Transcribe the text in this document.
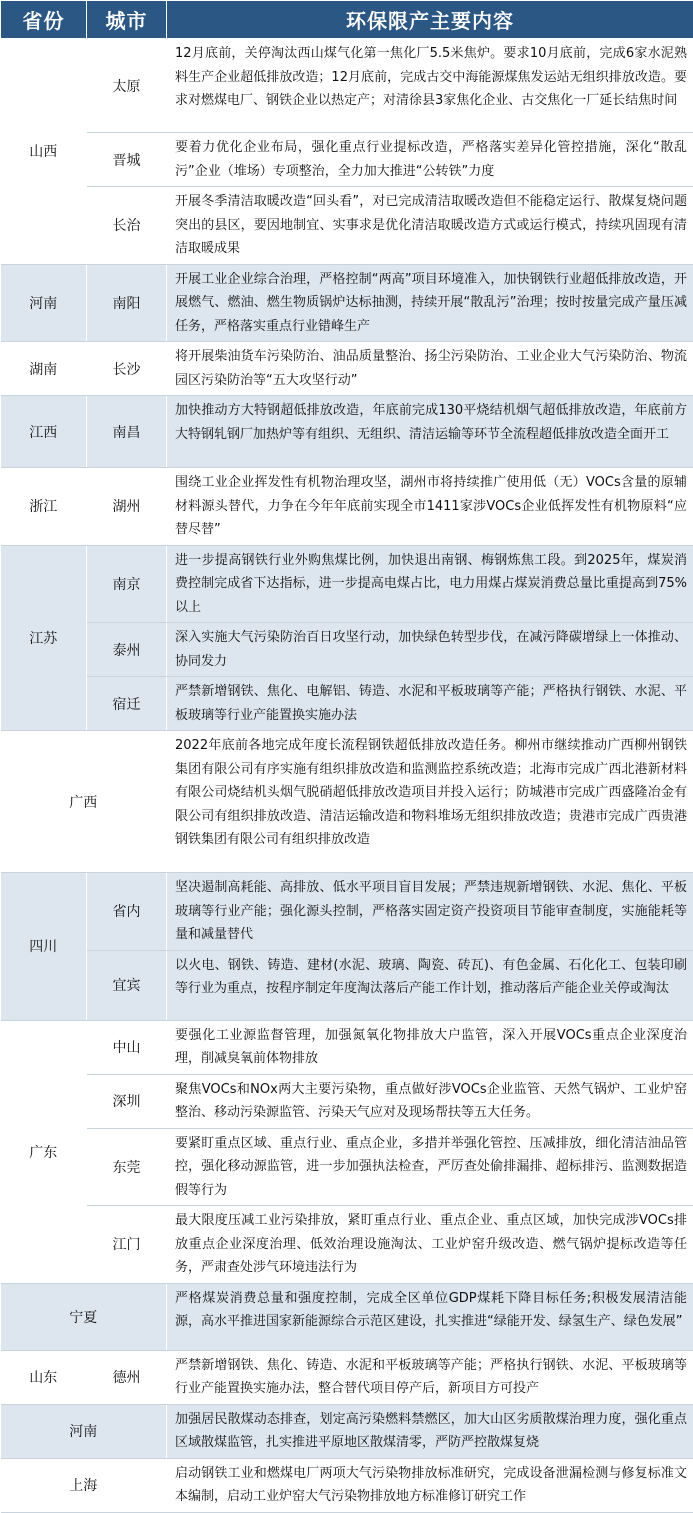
省份	城市	环保限产主要内容
山西	太原	12月底前，关停淘汰西山煤气化第一焦化厂5.5米焦炉。要求10月底前，完成6家水泥熟料生产企业超低排放改造；12月底前，完成古交中海能源煤焦发运站无组织排放改造。要求对燃煤电厂、钢铁企业以热定产；对清徐县3家焦化企业、古交焦化一厂延长结焦时间
	晋城	要着力优化企业布局，强化重点行业提标改造，严格落实差异化管控措施，深化“散乱污”企业（堆场）专项整治，全力加大推进“公转铁”力度
	长治	开展冬季清洁取暖改造“回头看”，对已完成清洁取暖改造但不能稳定运行、散煤复烧问题突出的县区，要因地制宜、实事求是优化清洁取暖改造方式或运行模式，持续巩固现有清洁取暖成果
河南	南阳	开展工业企业综合治理，严格控制“两高”项目环境准入，加快钢铁行业超低排放改造，开展燃气、燃油、燃生物质锅炉达标抽测，持续开展“散乱污”治理；按时按量完成产量压减任务，严格落实重点行业错峰生产
湖南	长沙	将开展柴油货车污染防治、油品质量整治、扬尘污染防治、工业企业大气污染防治、物流园区污染防治等“五大攻坚行动”
江西	南昌	加快推动方大特钢超低排放改造，年底前完成130平烧结机烟气超低排放改造，年底前方大特钢轧钢厂加热炉等有组织、无组织、清洁运输等环节全流程超低排放改造全面开工
浙江	湖州	围绕工业企业挥发性有机物治理攻坚，湖州市将持续推广使用低（无）VOCs含量的原辅材料源头替代，力争在今年年底前实现全市1411家涉VOCs企业低挥发性有机物原料“应替尽替”
江苏	南京	进一步提高钢铁行业外购焦煤比例，加快退出南钢、梅钢炼焦工段。到2025年，煤炭消费控制完成省下达指标，进一步提高电煤占比，电力用煤占煤炭消费总量比重提高到75%以上
	泰州	深入实施大气污染防治百日攻坚行动，加快绿色转型步伐，在减污降碳增绿上一体推动、协同发力
	宿迁	严禁新增钢铁、焦化、电解铝、铸造、水泥和平板玻璃等产能；严格执行钢铁、水泥、平板玻璃等行业产能置换实施办法
广西		2022年底前各地完成年度长流程钢铁超低排放改造任务。柳州市继续推动广西柳州钢铁集团有限公司有序实施有组织排放改造和监测监控系统改造；北海市完成广西北港新材料有限公司烧结机头烟气脱硝超低排放改造项目并投入运行；防城港市完成广西盛隆冶金有限公司有组织排放改造、清洁运输改造和物料堆场无组织排放改造；贵港市完成广西贵港钢铁集团有限公司有组织排放改造
四川	省内	坚决遏制高耗能、高排放、低水平项目盲目发展；严禁违规新增钢铁、水泥、焦化、平板玻璃等行业产能；强化源头控制，严格落实固定资产投资项目节能审查制度，实施能耗等量和减量替代
	宜宾	以火电、钢铁、铸造、建材(水泥、玻璃、陶瓷、砖瓦)、有色金属、石化化工、包装印刷等行业为重点，按程序制定年度淘汰落后产能工作计划，推动落后产能企业关停或淘汰
广东	中山	要强化工业源监督管理，加强氮氧化物排放大户监管，深入开展VOCs重点企业深度治理，削减臭氧前体物排放
	深圳	聚焦VOCs和NOx两大主要污染物，重点做好涉VOCs企业监管、天然气锅炉、工业炉窑整治、移动污染源监管、污染天气应对及现场帮扶等五大任务。
	东莞	要紧盯重点区域、重点行业、重点企业，多措并举强化管控、压减排放，细化清洁油品管控，强化移动源监管，进一步加强执法检查，严厉查处偷排漏排、超标排污、监测数据造假等行为
	江门	最大限度压减工业污染排放，紧盯重点行业、重点企业、重点区域，加快完成涉VOCs排放重点企业深度治理、低效治理设施淘汰、工业炉窑升级改造、燃气锅炉提标改造等任务，严肃查处涉气环境违法行为
宁夏		严格煤炭消费总量和强度控制，完成全区单位GDP煤耗下降目标任务;积极发展清洁能源，高水平推进国家新能源综合示范区建设，扎实推进“绿能开发、绿氢生产、绿色发展”
山东	德州	严禁新增钢铁、焦化、铸造、水泥和平板玻璃等产能；严格执行钢铁、水泥、平板玻璃等行业产能置换实施办法，整合替代项目停产后，新项目方可投产
河南		加强居民散煤动态排查，划定高污染燃料禁燃区，加大山区劣质散煤治理力度，强化重点区域散煤监管，扎实推进平原地区散煤清零，严防严控散煤复烧
上海		启动钢铁工业和燃煤电厂两项大气污染物排放标准研究，完成设备泄漏检测与修复标准文本编制，启动工业炉窑大气污染物排放地方标准修订研究工作
